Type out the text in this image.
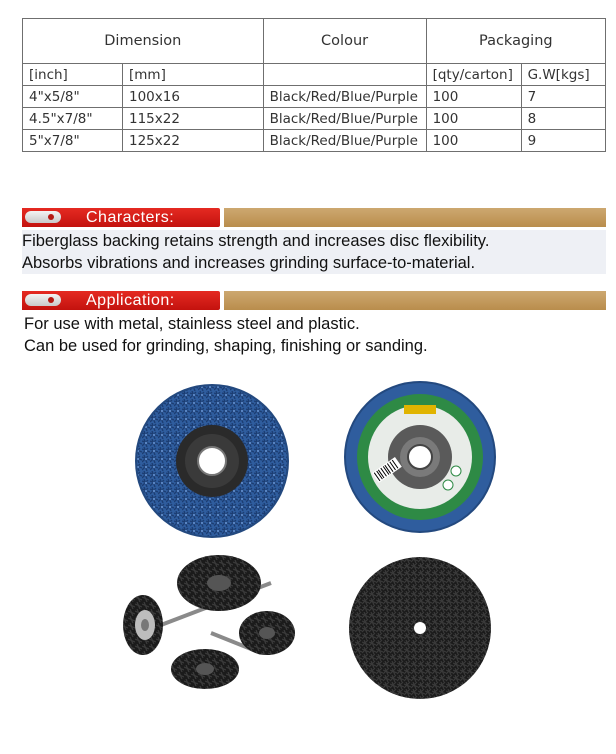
Dimension		Colour	Packaging	
[inch]	[mm]		[qty/carton]	G.W[kgs]
4"x5/8"	100x16	Black/Red/Blue/Purple	100	7
4.5"x7/8"	115x22	Black/Red/Blue/Purple	100	8
5"x7/8"	125x22	Black/Red/Blue/Purple	100	9
Characters:
Fiberglass backing retains strength and increases disc flexibility.
Absorbs vibrations and increases grinding surface-to-material.
Application:
For use with metal, stainless steel and plastic.
Can be used for grinding, shaping, finishing or sanding.
